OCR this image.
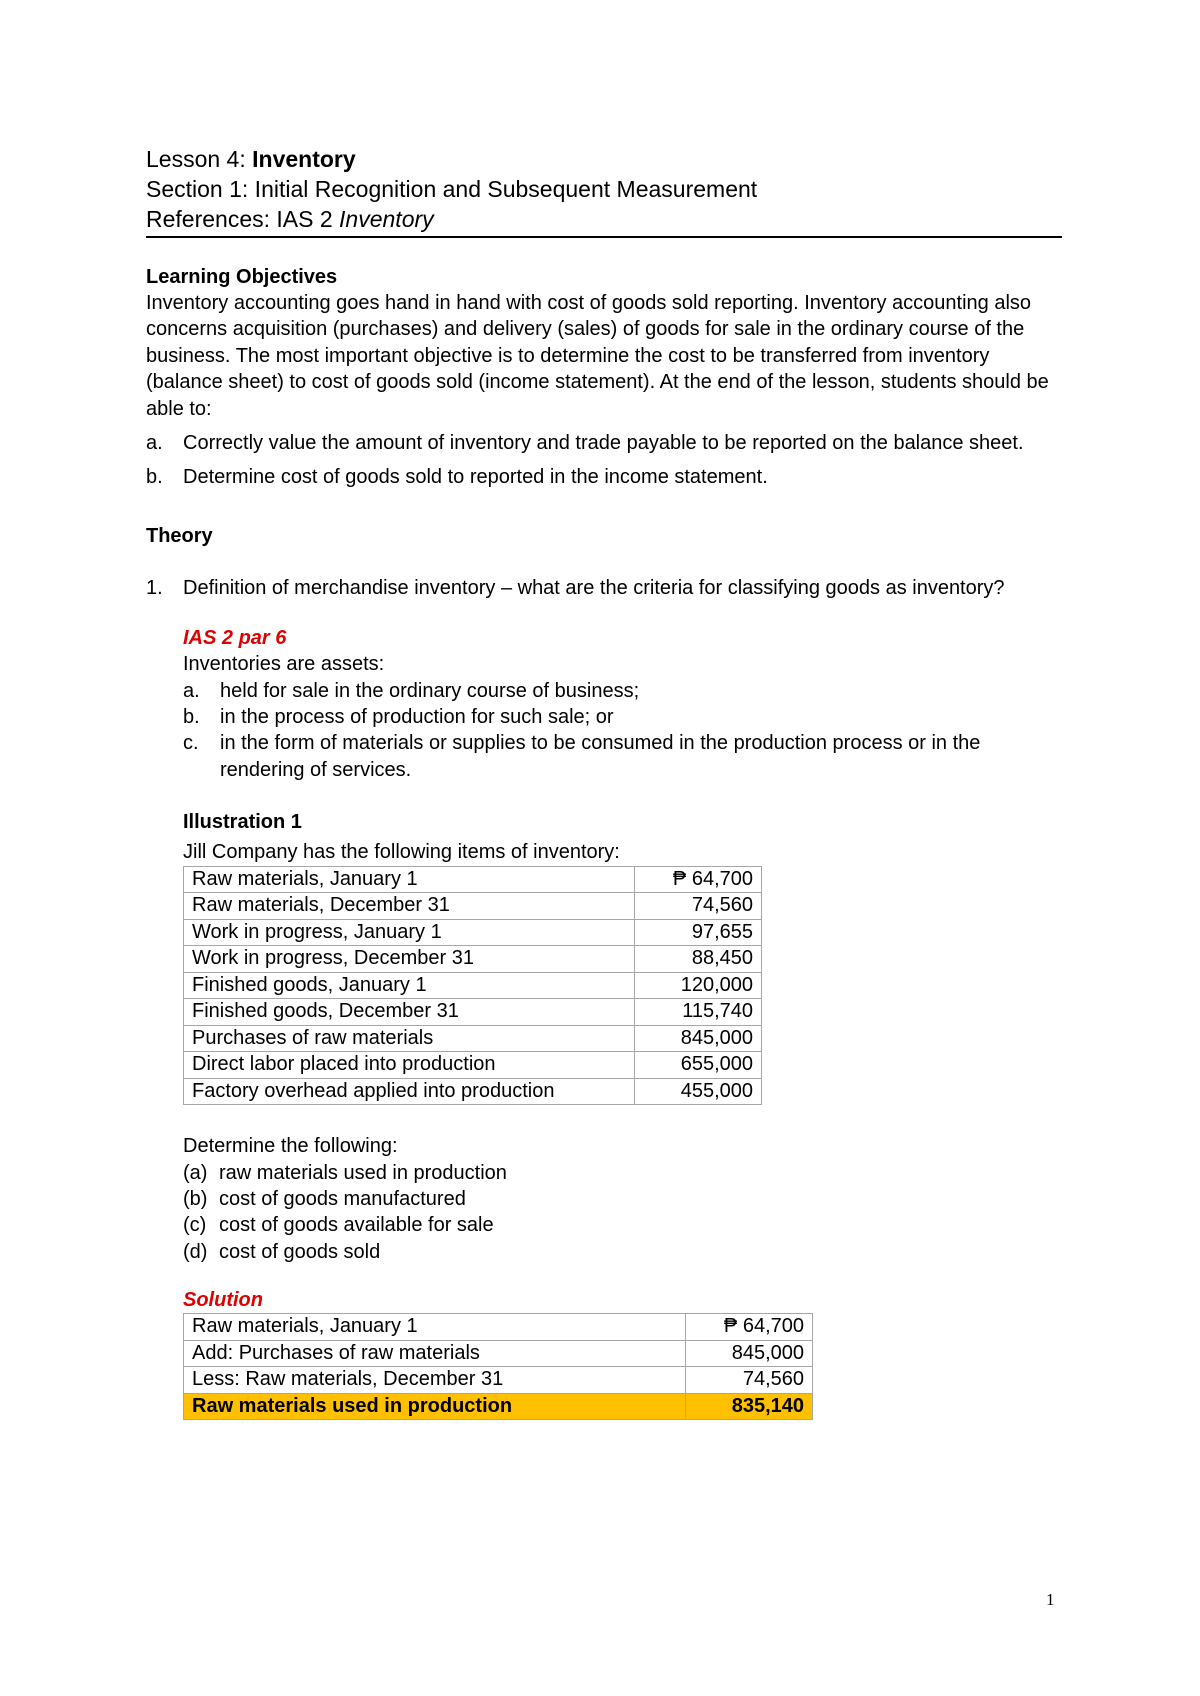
Lesson 4: Inventory
Section 1: Initial Recognition and Subsequent Measurement
References: IAS 2 Inventory
Learning Objectives

Inventory accounting goes hand in hand with cost of goods sold reporting. Inventory accounting also concerns acquisition (purchases) and delivery (sales) of goods for sale in the ordinary course of the business. The most important objective is to determine the cost to be transferred from inventory (balance sheet) to cost of goods sold (income statement). At the end of the lesson, students should be able to:

a.	Correctly value the amount of inventory and trade payable to be reported on the balance sheet.
b.	Determine cost of goods sold to reported in the income statement.
Theory
1.	Definition of merchandise inventory – what are the criteria for classifying goods as inventory?
IAS 2 par 6
Inventories are assets:
a.	held for sale in the ordinary course of business;
b.	in the process of production for such sale; or
c.	in the form of materials or supplies to be consumed in the production process or in the rendering of services.
Illustration 1
Jill Company has the following items of inventory:
Raw materials, January 1	₱ 64,700
Raw materials, December 31	74,560
Work in progress, January 1	97,655
Work in progress, December 31	88,450
Finished goods, January 1	120,000
Finished goods, December 31	115,740
Purchases of raw materials	845,000
Direct labor placed into production	655,000
Factory overhead applied into production	455,000
Determine the following:
(a) raw materials used in production
(b) cost of goods manufactured
(c) cost of goods available for sale
(d) cost of goods sold
Solution
Raw materials, January 1	₱ 64,700
Add: Purchases of raw materials	845,000
Less: Raw materials, December 31	74,560
Raw materials used in production	835,140
1
